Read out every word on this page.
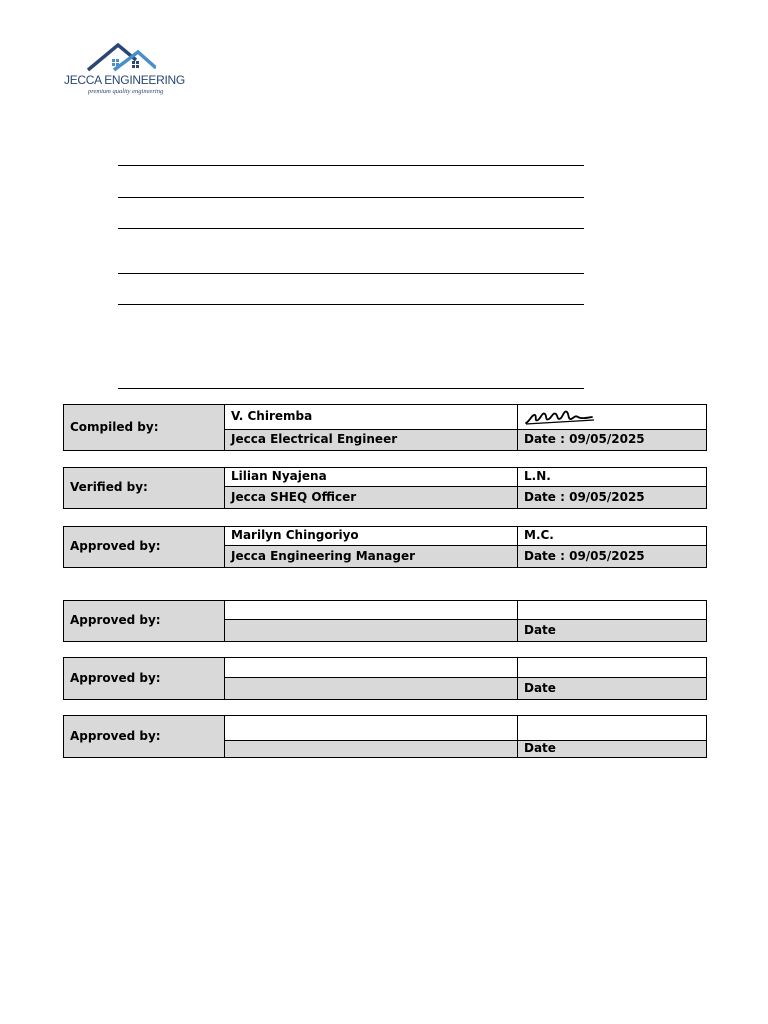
JECCA ENGINEERING
premium quality engineering
Compiled by:	V. Chiremba	

	Jecca Electrical Engineer	Date : 09/05/2025
Verified by:	Lilian Nyajena	L.N.
	Jecca SHEQ Officer	Date : 09/05/2025
Approved by:	Marilyn Chingoriyo	M.C.
	Jecca Engineering Manager	Date : 09/05/2025
Approved by:		
		Date
Approved by:		
		Date
Approved by:		
		Date
